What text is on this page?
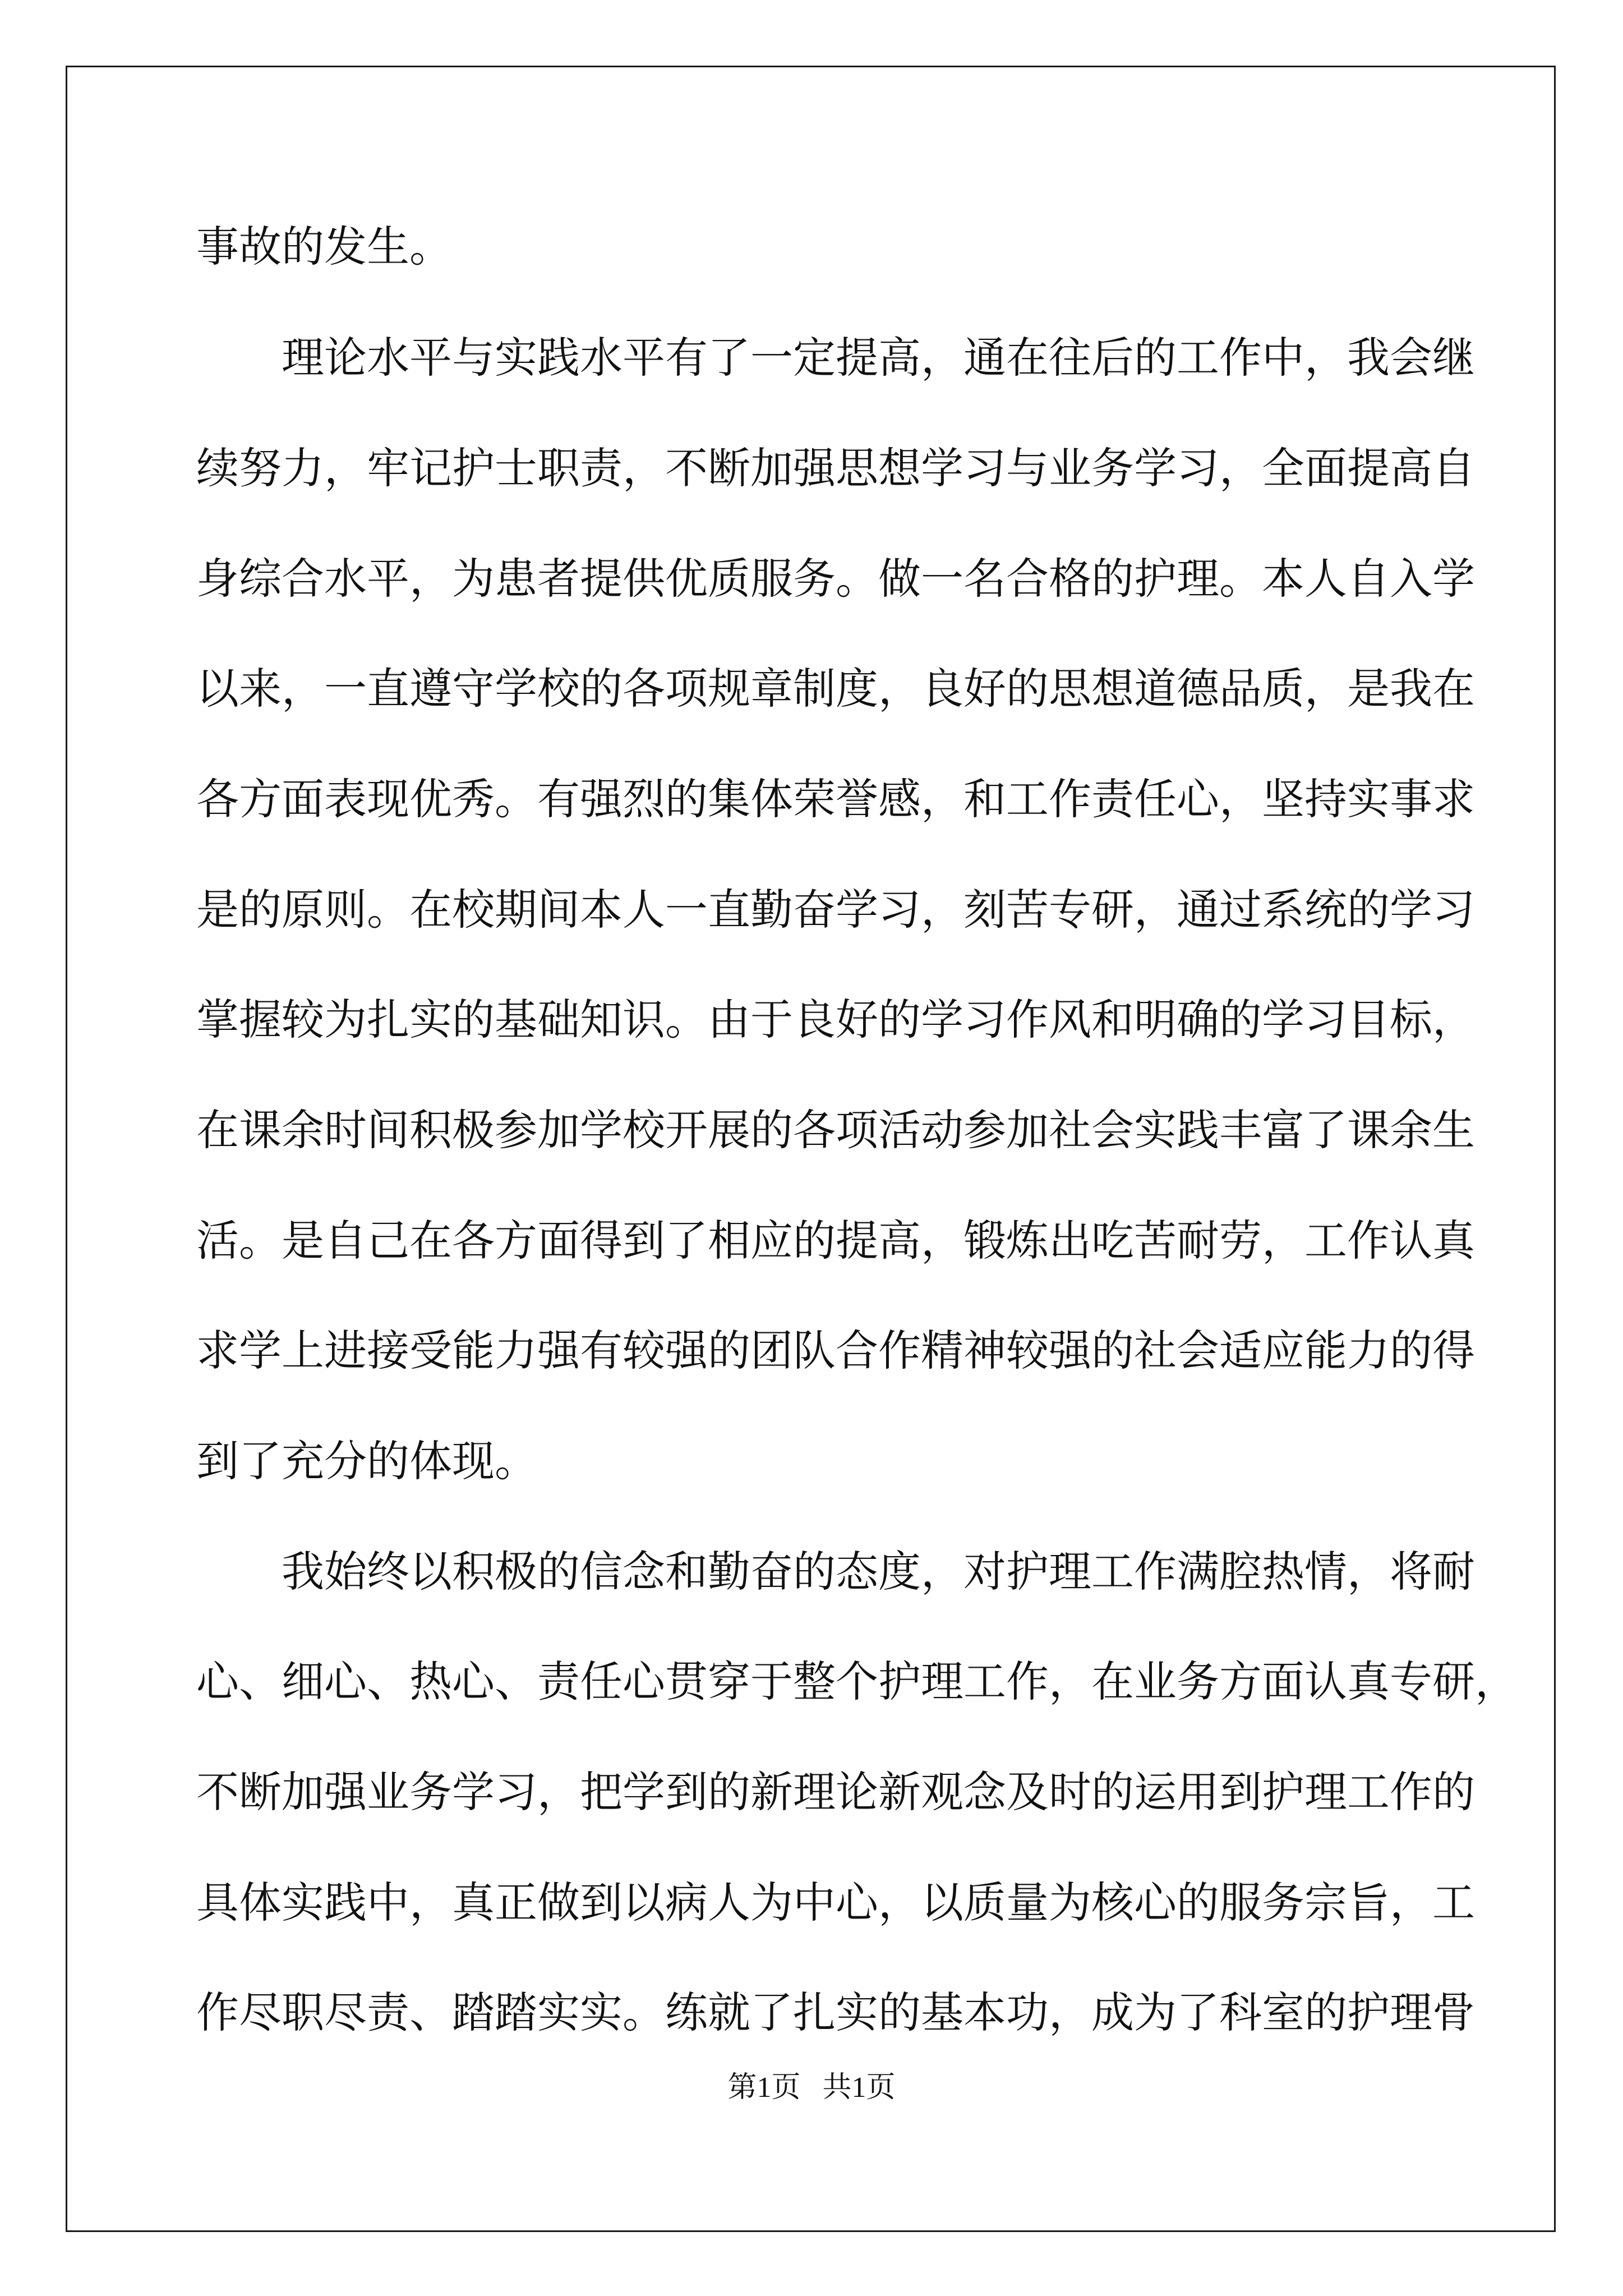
事故的发生。
理论水平与实践水平有了一定提高，通在往后的工作中，我会继
续努力，牢记护士职责，不断加强思想学习与业务学习，全面提高自
身综合水平，为患者提供优质服务。做一名合格的护理。本人自入学
以来，一直遵守学校的各项规章制度，良好的思想道德品质，是我在
各方面表现优秀。有强烈的集体荣誉感，和工作责任心，坚持实事求
是的原则。在校期间本人一直勤奋学习，刻苦专研，通过系统的学习
掌握较为扎实的基础知识。由于良好的学习作风和明确的学习目标，
在课余时间积极参加学校开展的各项活动参加社会实践丰富了课余生
活。是自己在各方面得到了相应的提高，锻炼出吃苦耐劳，工作认真
求学上进接受能力强有较强的团队合作精神较强的社会适应能力的得
到了充分的体现。
我始终以积极的信念和勤奋的态度，对护理工作满腔热情，将耐
心、细心、热心、责任心贯穿于整个护理工作，在业务方面认真专研，
不断加强业务学习，把学到的新理论新观念及时的运用到护理工作的
具体实践中，真正做到以病人为中心，以质量为核心的服务宗旨，工
作尽职尽责、踏踏实实。练就了扎实的基本功，成为了科室的护理骨
第1页   共1页
